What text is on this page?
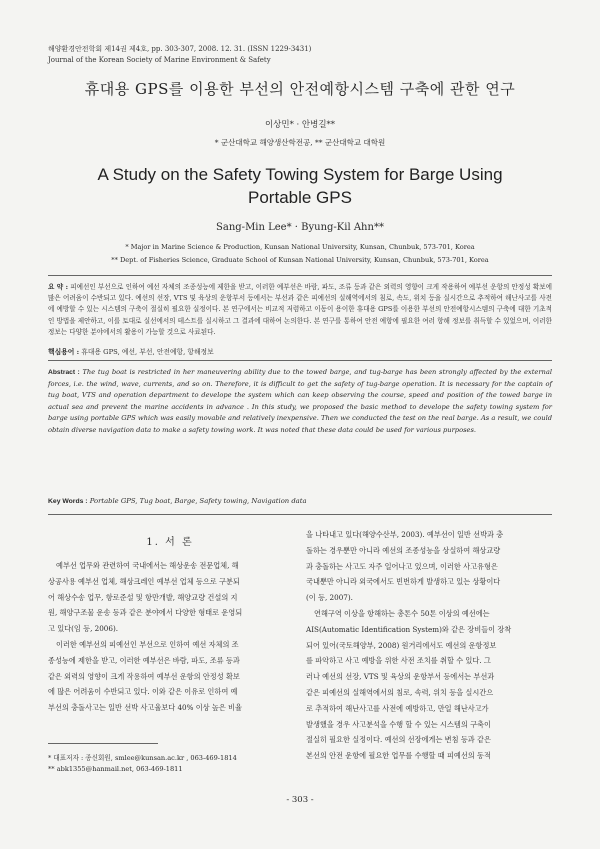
해양환경안전학회 제14권 제4호, pp. 303-307, 2008. 12. 31. (ISSN 1229-3431)
Journal of the Korean Society of Marine Environment & Safety
휴대용 GPS를 이용한 부선의 안전예항시스템 구축에 관한 연구
이상민* · 안병길**
* 군산대학교 해양생산학전공, ** 군산대학교 대학원
A Study on the Safety Towing System for Barge Using
Portable GPS
Sang-Min Lee* · Byung-Kil Ahn**
* Major in Marine Science & Production, Kunsan National University, Kunsan, Chunbuk, 573-701, Korea
** Dept. of Fisheries Science, Graduate School of Kunsan National University, Kunsan, Chunbuk, 573-701, Korea
요 약 : 피예선인 부선으로 인하여 예선 자체의 조종성능에 제한을 받고, 이러한 예부선은 바람, 파도, 조류 등과 같은 외력의 영향이 크게 작용하여 예부선 운항의 안정성 확보에 많은 어려움이 수반되고 있다. 예선의 선장, VTS 및 육상의 운항부서 등에서는 부선과 같은 피예선의 실해역에서의 침로, 속도, 위치 등을 실시간으로 추적하여 해난사고를 사전에 예방할 수 있는 시스템의 구축이 절실히 필요한 실정이다. 본 연구에서는 비교적 저렴하고 이동이 용이한 휴대용 GPS를 이용한 부선의 안전예항시스템의 구축에 대한 기초적인 방법을 제안하고, 이를 토대로 실선에서의 테스트를 실시하고 그 결과에 대하여 논의한다. 본 연구를 통하여 안전 예항에 필요한 여러 항해 정보를 취득할 수 있었으며, 이러한 정보는 다양한 분야에서의 활용이 가능할 것으로 사료된다.
핵심용어 : 휴대용 GPS, 예선, 부선, 안전예항, 항해정보
Abstract : The tug boat is restricted in her maneuvering ability due to the towed barge, and tug-barge has been strongly affected by the external forces, i.e. the wind, wave, currents, and so on. Therefore, it is difficult to get the safety of tug-barge operation. It is necessary for the captain of tug boat, VTS and operation department to develope the system which can keep observing the course, speed and position of the towed barge in actual sea and prevent the marine accidents in advance . In this study, we proposed the basic method to develope the safety towing system for barge using portable GPS which was easily movable and relatively inexpensive. Then we conducted the test on the real barge. As a result, we could obtain diverse navigation data to make a safety towing work. It was noted that these data could be used for various purposes.
Key Words : Portable GPS, Tug boat, Barge, Safety towing, Navigation data
1. 서 론
예부선 업무와 관련하여 국내에서는 해상운송 전문업체, 해
상공사용 예부선 업체, 해상크레인 예부선 업체 등으로 구분되
어 해상수송 업무, 항로준설 및 항만개발, 해양교량 건설의 지
원, 해양구조물 운송 등과 같은 분야에서 다양한 형태로 운영되
고 있다(임 등, 2006).
이러한 예부선의 피예선인 부선으로 인하여 예선 자체의 조
종성능에 제한을 받고, 이러한 예부선은 바람, 파도, 조류 등과
같은 외력의 영향이 크게 작용하여 예부선 운항의 안정성 확보
에 많은 어려움이 수반되고 있다. 이와 같은 이유로 인하여 예
부선의 충돌사고는 일반 선박 사고율보다 40% 이상 높은 비율
을 나타내고 있다(해양수산부, 2003). 예부선이 일반 선박과 충
돌하는 경우뿐만 아니라 예선의 조종성능을 상실하여 해상교량
과 충돌하는 사고도 자주 일어나고 있으며, 이러한 사고유형은
국내뿐만 아니라 외국에서도 빈번하게 발생하고 있는 상황이다
(이 등, 2007).
연해구역 이상을 항해하는 총톤수 50톤 이상의 예선에는
AIS(Automatic Identification System)와 같은 장비들이 장착
되어 있어(국토해양부, 2008) 원거리에서도 예선의 운항정보
를 파악하고 사고 예방을 위한 사전 조치를 취할 수 있다. 그
러나 예선의 선장, VTS 및 육상의 운항부서 등에서는 부선과
같은 피예선의 실해역에서의 침로, 속력, 위치 등을 실시간으
로 추적하여 해난사고를 사전에 예방하고, 만일 해난사고가
발생했을 경우 사고분석을 수행 할 수 있는 시스템의 구축이
절실히 필요한 실정이다. 예선의 선장에게는 변침 등과 같은
본선의 안전 운항에 필요한 업무를 수행할 때 피예선의 동적
* 대표저자 : 종신회원, smlee@kunsan.ac.kr , 063-469-1814
** abk1355@hanmail.net, 063-469-1811
- 303 -
